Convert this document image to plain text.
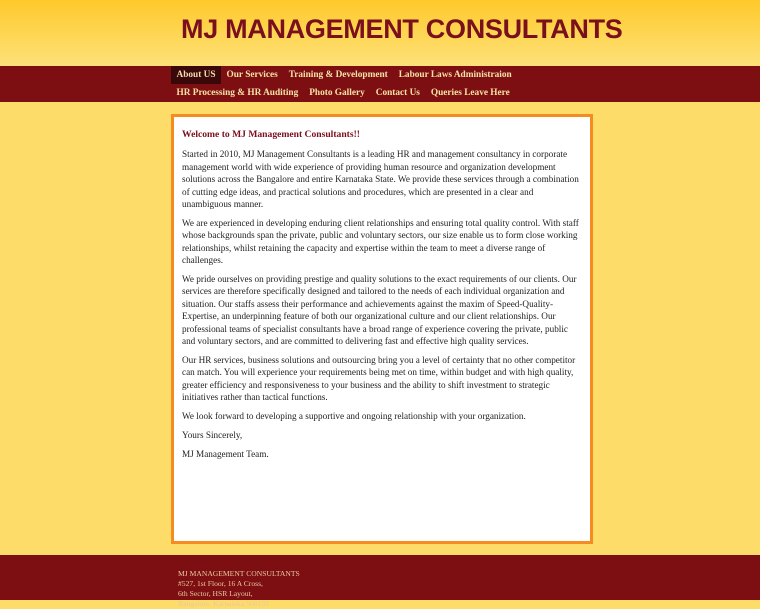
MJ MANAGEMENT CONSULTANTS
About US	Our Services	Training & Development	Labour Laws Administraion
HR Processing & HR Auditing	Photo Gallery	Contact Us	Queries Leave Here

Welcome to MJ Management Consultants!!

Started in 2010, MJ Management Consultants is a leading HR and management consultancy in corporate management world with wide experience of providing human resource and organization development solutions across the Bangalore and entire Karnataka State. We provide these services through a combination of cutting edge ideas, and practical solutions and procedures, which are presented in a clear and unambiguous manner.

We are experienced in developing enduring client relationships and ensuring total quality control. With staff whose backgrounds span the private, public and voluntary sectors, our size enable us to form close working relationships, whilst retaining the capacity and expertise within the team to meet a diverse range of challenges.

We pride ourselves on providing prestige and quality solutions to the exact requirements of our clients. Our services are therefore specifically designed and tailored to the needs of each individual organization and situation. Our staffs assess their performance and achievements against the maxim of Speed-Quality-Expertise, an underpinning feature of both our organizational culture and our client relationships. Our professional teams of specialist consultants have a broad range of experience covering the private, public and voluntary sectors, and are committed to delivering fast and effective high quality services.

Our HR services, business solutions and outsourcing bring you a level of certainty that no other competitor can match. You will experience your requirements being met on time, within budget and with high quality, greater efficiency and responsiveness to your business and the ability to shift investment to strategic initiatives rather than tactical functions.

We look forward to developing a supportive and ongoing relationship with your organization.

Yours Sincerely,

MJ Management Team.

MJ MANAGEMENT CONSULTANTS
#527, 1st Floor, 16 A Cross,
6th Sector, HSR Layout,
Bangalore, Karnataka 560102
